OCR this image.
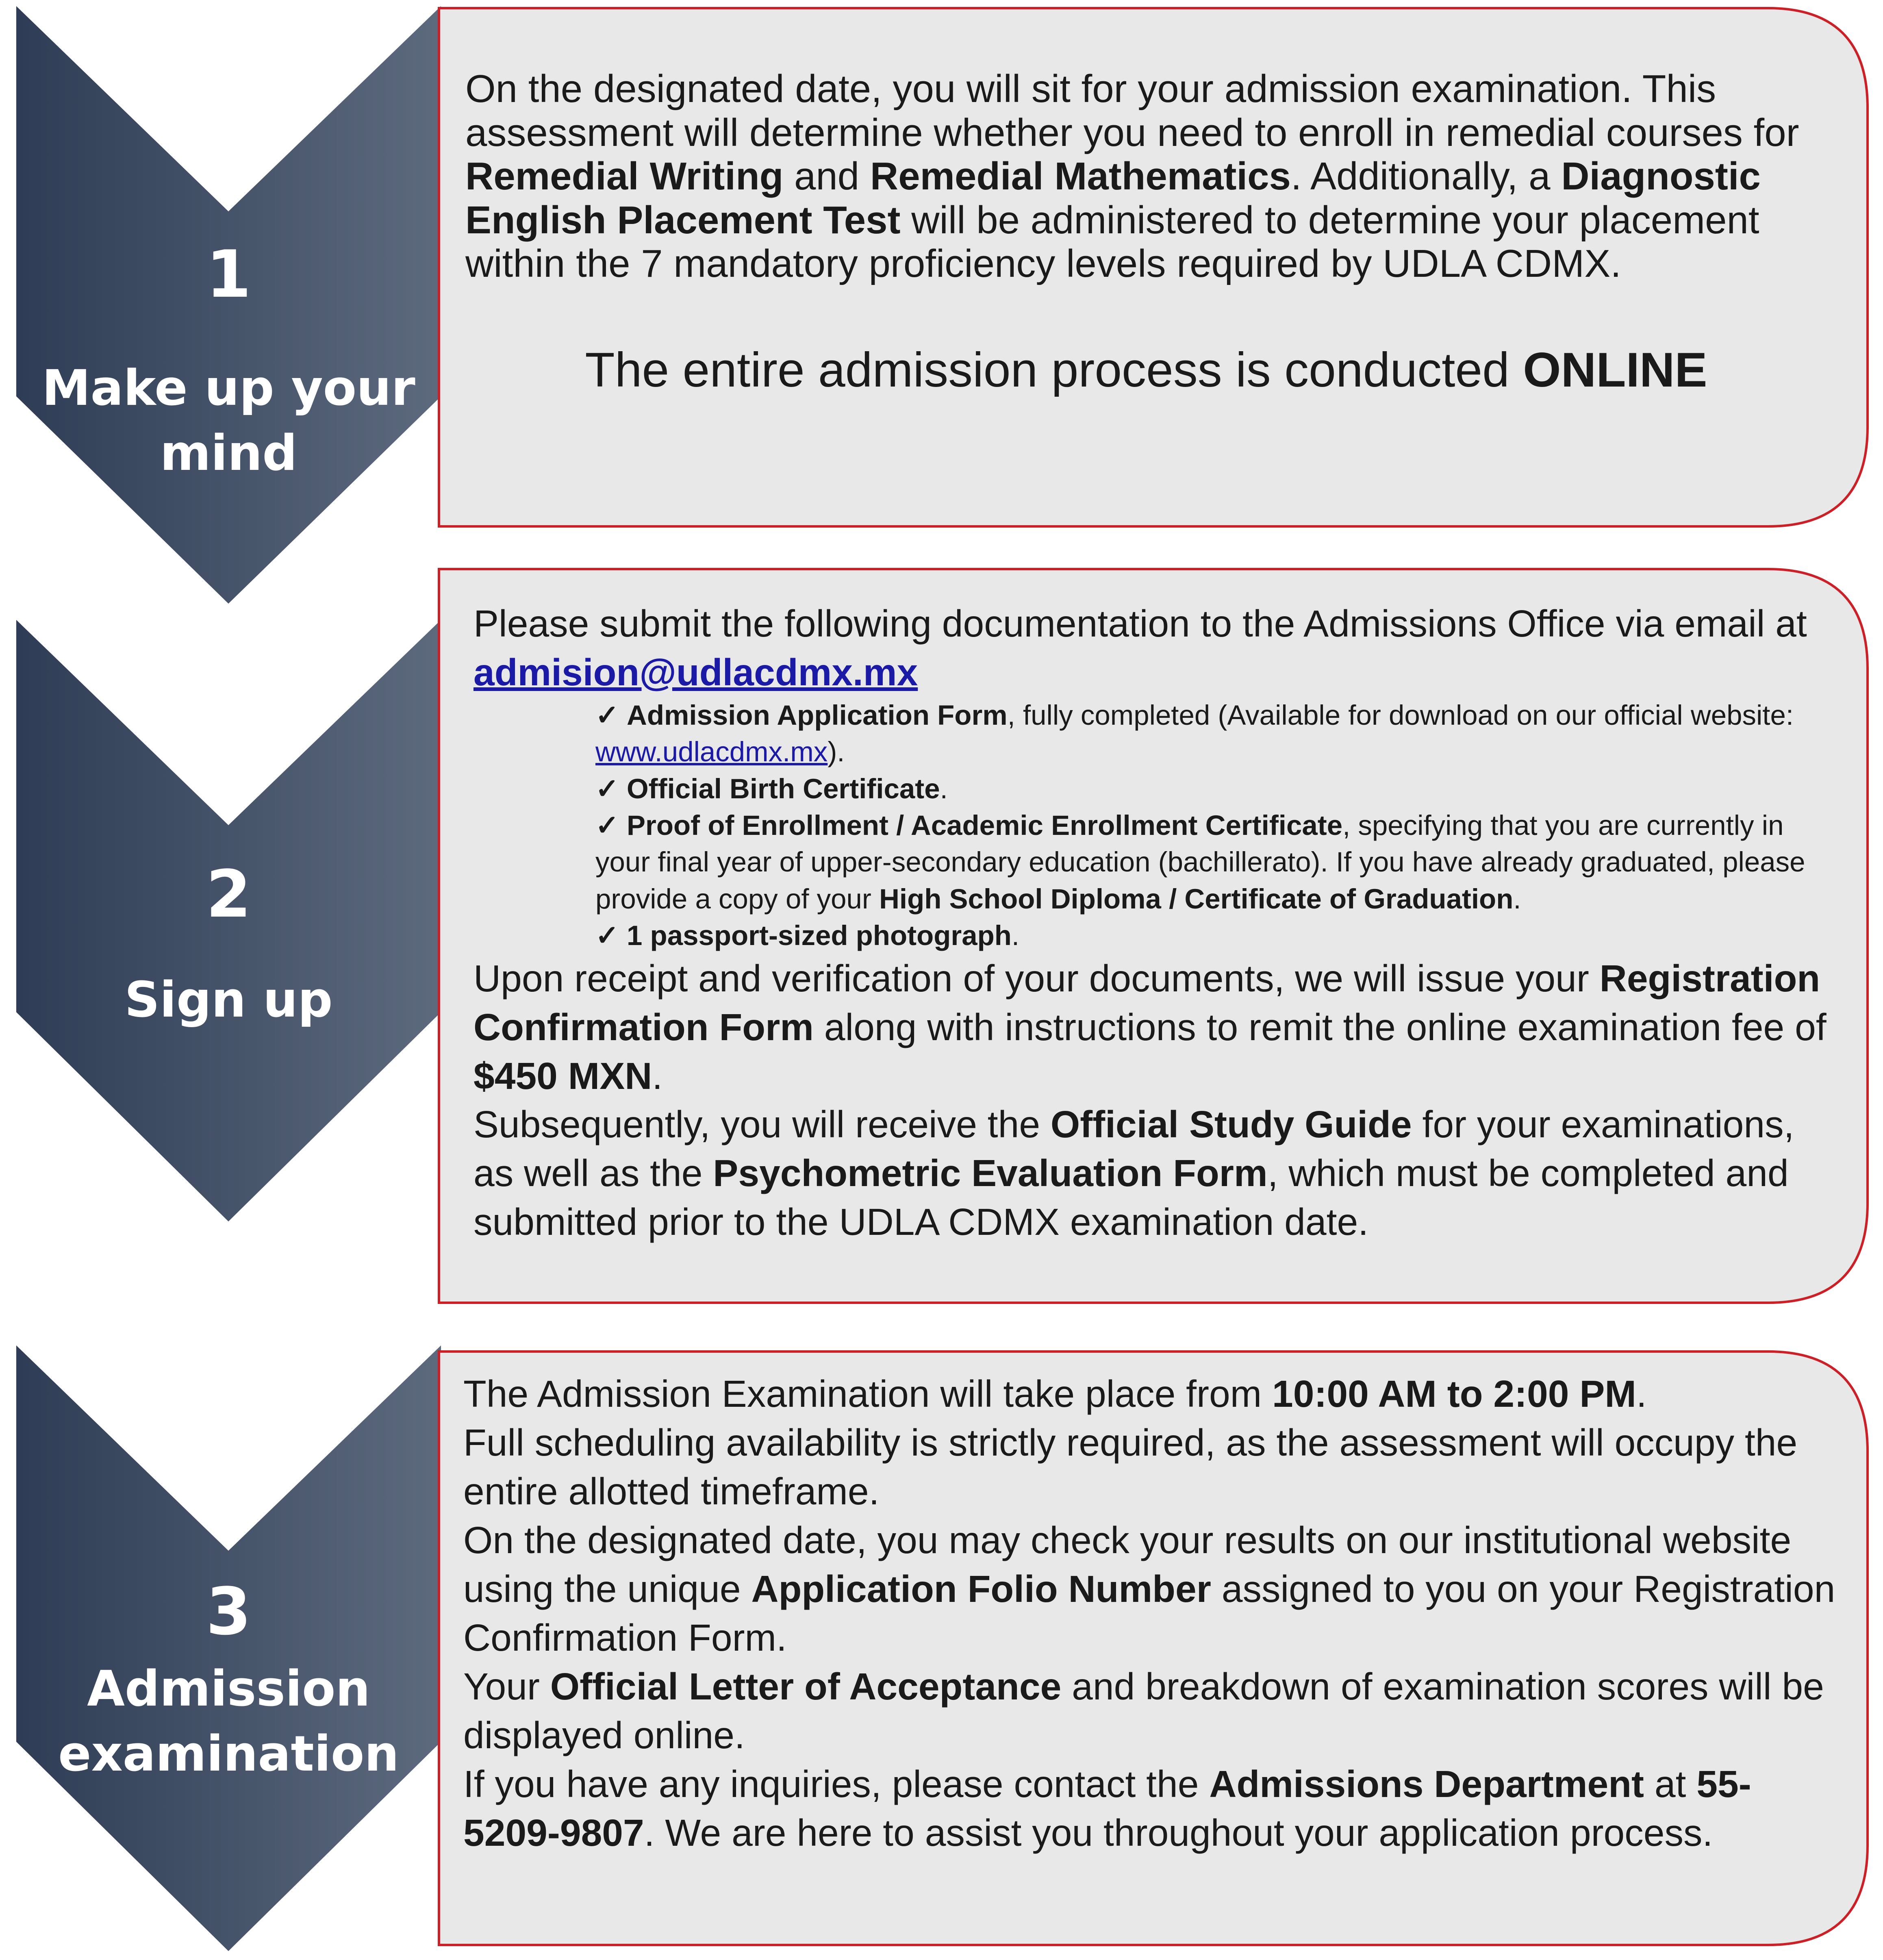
1
Make up your
mind
2
Sign up
3
Admission
examination

On the designated date, you will sit for your admission examination. This assessment will determine whether you need to enroll in remedial courses for Remedial Writing and Remedial Mathematics. Additionally, a Diagnostic English Placement Test will be administered to determine your placement within the 7 mandatory proficiency levels required by UDLA CDMX.

The entire admission process is conducted ONLINE

Please submit the following documentation to the Admissions Office via email at admision@udlacdmx.mx

✓ Admission Application Form, fully completed (Available for download on our official website: www.udlacdmx.mx).

✓ Official Birth Certificate.

✓ Proof of Enrollment / Academic Enrollment Certificate, specifying that you are currently in your final year of upper-secondary education (bachillerato). If you have already graduated, please provide a copy of your High School Diploma / Certificate of Graduation.

✓ 1 passport-sized photograph.

Upon receipt and verification of your documents, we will issue your Registration Confirmation Form along with instructions to remit the online examination fee of $450 MXN.

Subsequently, you will receive the Official Study Guide for your examinations, as well as the Psychometric Evaluation Form, which must be completed and submitted prior to the UDLA CDMX examination date.

The Admission Examination will take place from 10:00 AM to 2:00 PM.

Full scheduling availability is strictly required, as the assessment will occupy the entire allotted timeframe.

On the designated date, you may check your results on our institutional website using the unique Application Folio Number assigned to you on your Registration Confirmation Form.

Your Official Letter of Acceptance and breakdown of examination scores will be displayed online.

If you have any inquiries, please contact the Admissions Department at 55-5209-9807. We are here to assist you throughout your application process.
